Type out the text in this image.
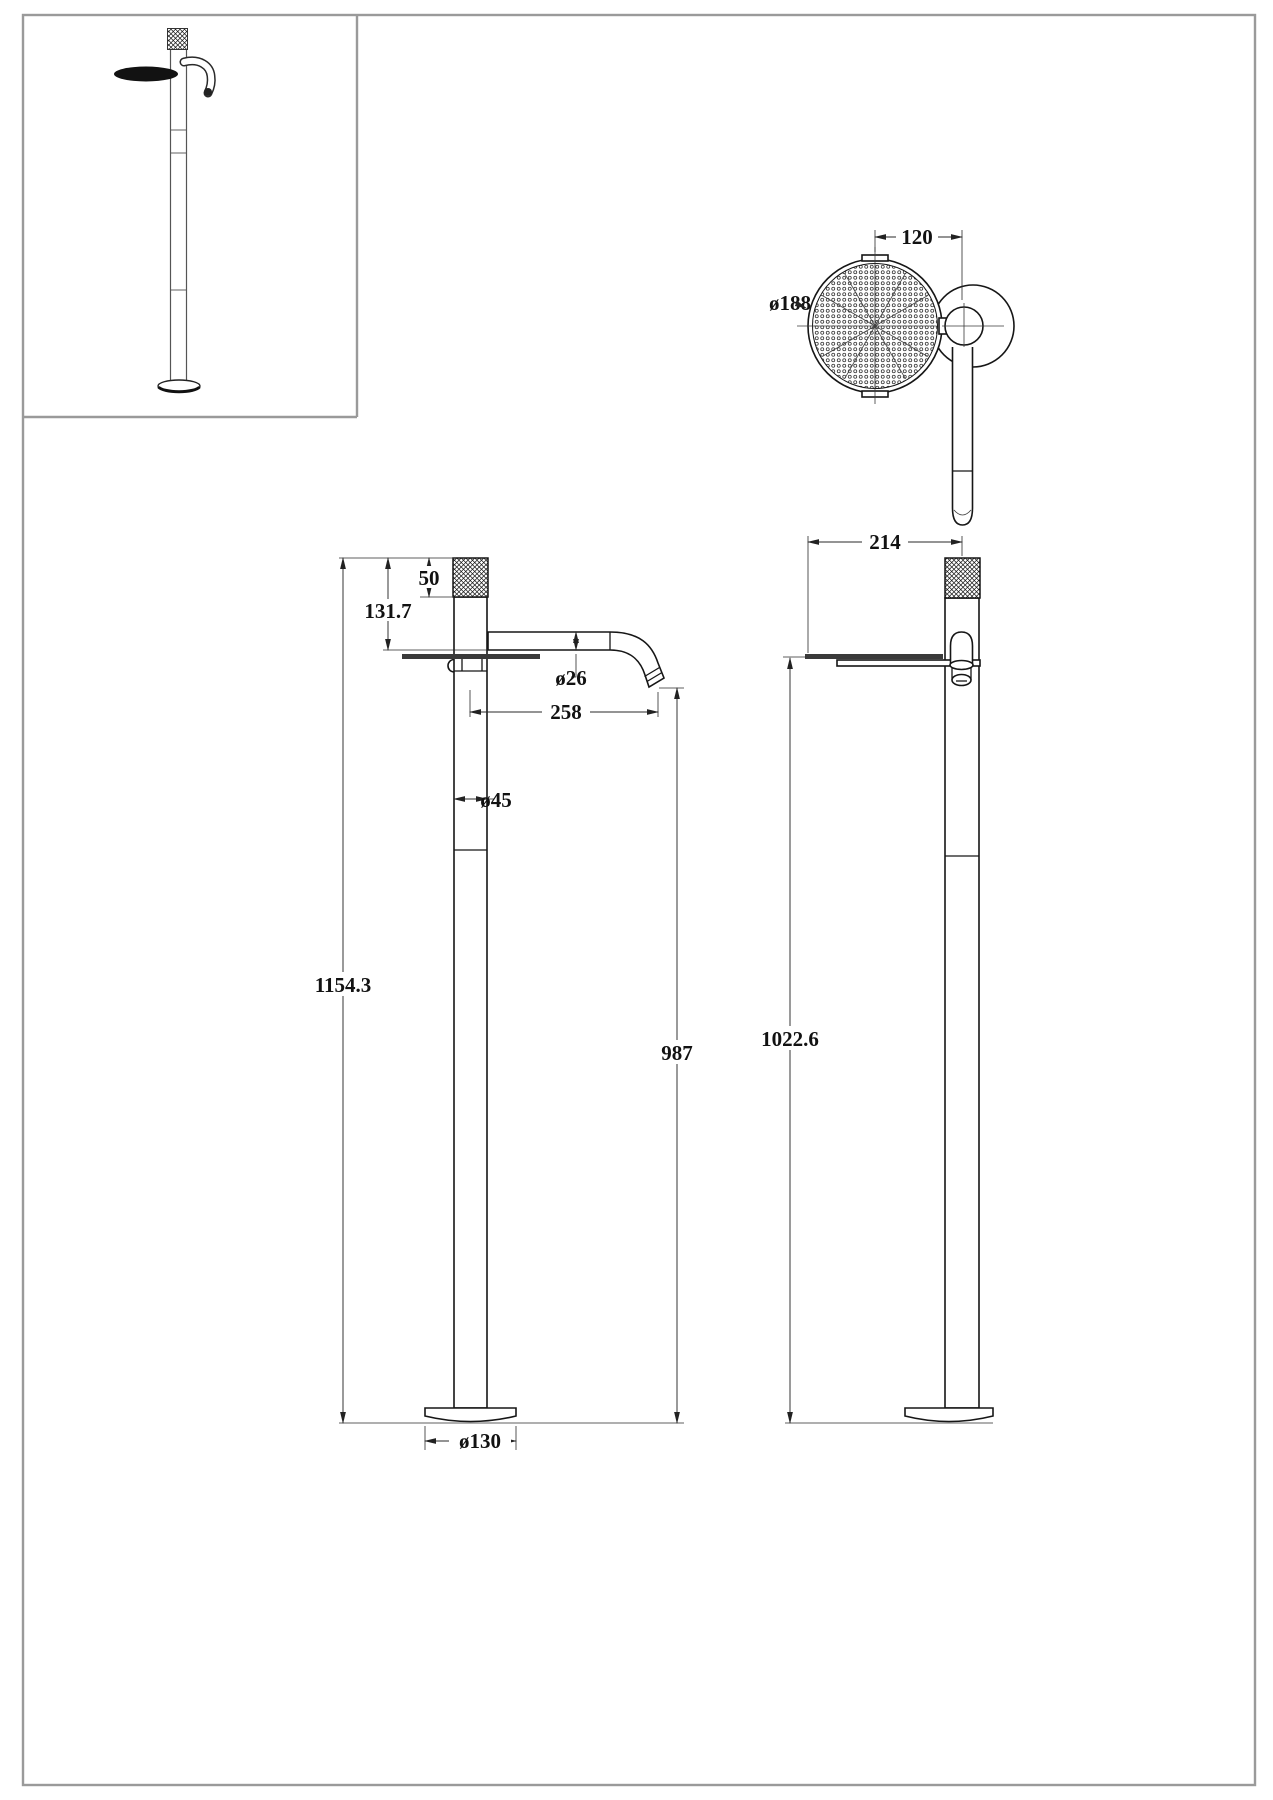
120
ø188
50
131.7
ø26
258
ø45
1154.3
987
ø130
214
1022.6
